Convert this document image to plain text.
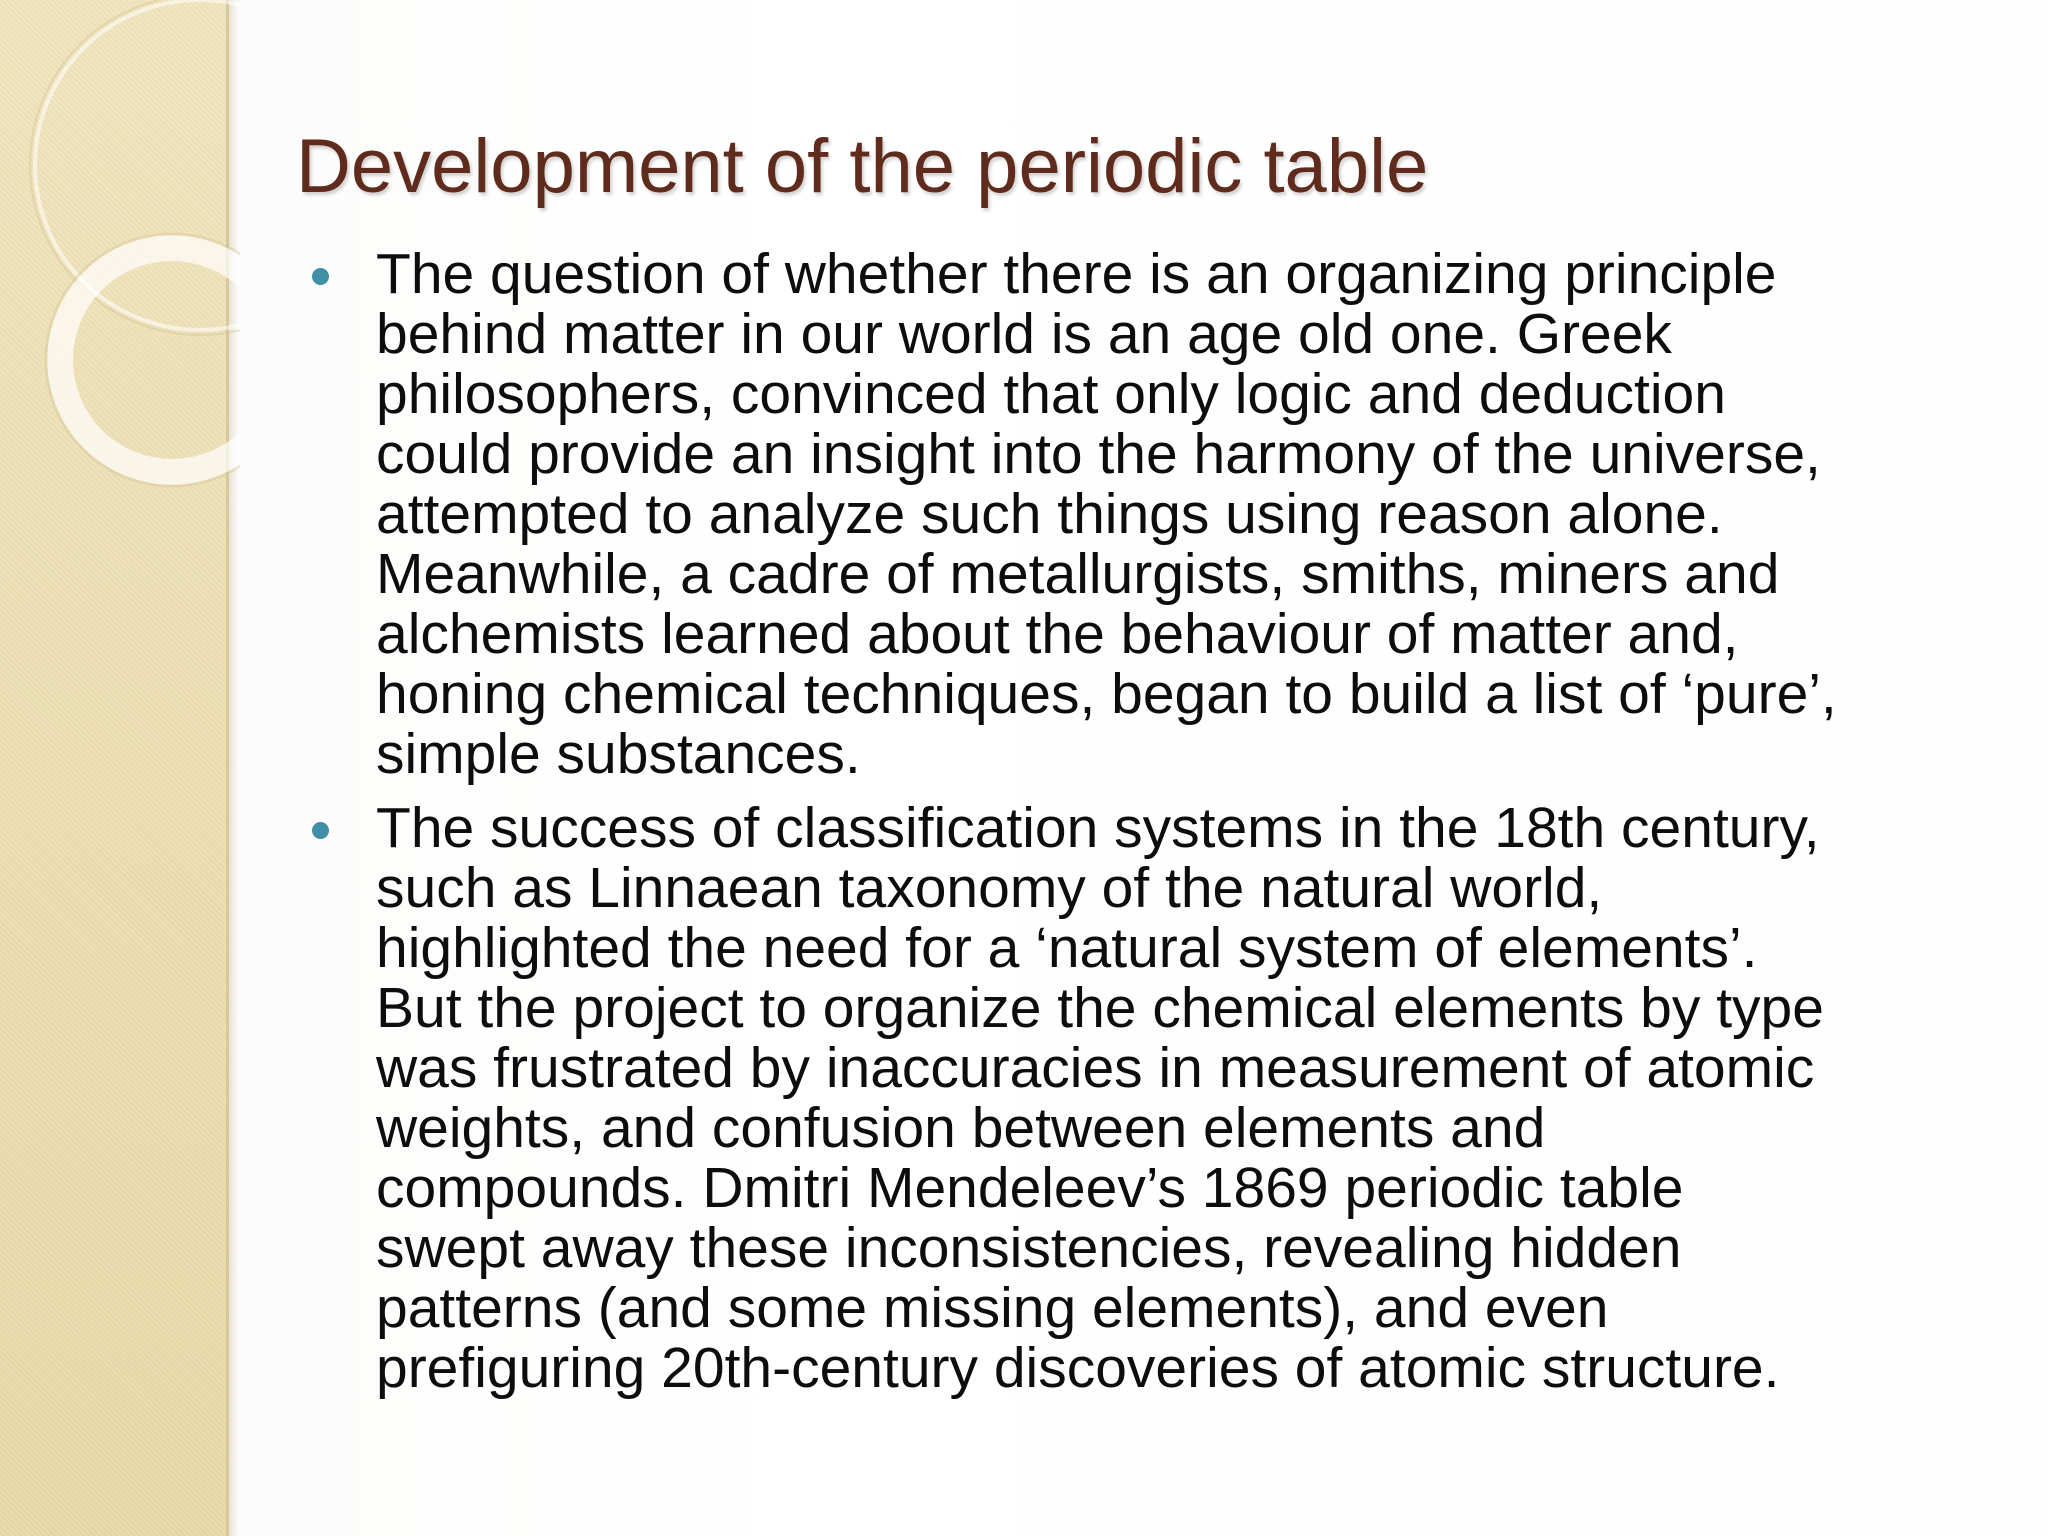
Development of the periodic table
The question of whether there is an organizing principle
behind matter in our world is an age old one. Greek
philosophers, convinced that only logic and deduction
could provide an insight into the harmony of the universe,
attempted to analyze such things using reason alone.
Meanwhile, a cadre of metallurgists, smiths, miners and
alchemists learned about the behaviour of matter and,
honing chemical techniques, began to build a list of ‘pure’,
simple substances.
The success of classification systems in the 18th century,
such as Linnaean taxonomy of the natural world,
highlighted the need for a ‘natural system of elements’.
But the project to organize the chemical elements by type
was frustrated by inaccuracies in measurement of atomic
weights, and confusion between elements and
compounds. Dmitri Mendeleev’s 1869 periodic table
swept away these inconsistencies, revealing hidden
patterns (and some missing elements), and even
prefiguring 20th-century discoveries of atomic structure.
